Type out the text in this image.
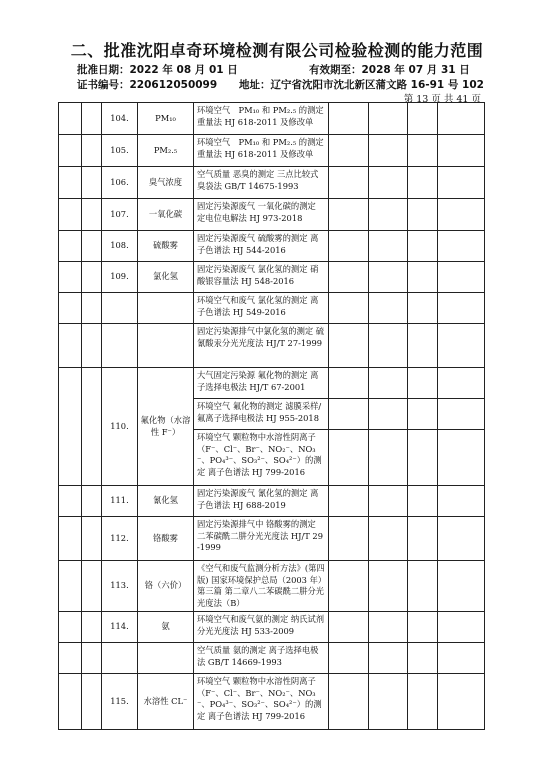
二、批准沈阳卓奇环境检测有限公司检验检测的能力范围
批准日期：2022 年 08 月 01 日	有效期至：2028 年 07 月 31 日
证书编号：220612050099 地址：辽宁省沈阳市沈北新区蒲文路 16-91 号 102
第 13 页 共 41 页
		104.	PM₁₀	环境空气　PM₁₀ 和 PM₂.₅ 的测定 重量法 HJ 618-2011 及修改单				
		105.	PM₂.₅	环境空气　PM₁₀ 和 PM₂.₅ 的测定 重量法 HJ 618-2011 及修改单				
		106.	臭气浓度	空气质量 恶臭的测定 三点比较式臭袋法 GB/T 14675-1993				
		107.	一氧化碳	固定污染源废气 一氧化碳的测定 定电位电解法 HJ 973-2018				
		108.	硫酸雾	固定污染源废气 硫酸雾的测定 离子色谱法 HJ 544-2016				
		109.	氯化氢	固定污染源废气 氯化氢的测定 硝酸银容量法 HJ 548-2016				
				环境空气和废气 氯化氢的测定 离子色谱法 HJ 549-2016				
				固定污染源排气中氯化氢的测定 硫氰酸汞分光光度法 HJ/T 27-1999				
		110.	氟化物（水溶性 F⁻）	大气固定污染源 氟化物的测定 离子选择电极法 HJ/T 67-2001				
				环境空气 氟化物的测定 滤膜采样/氟离子选择电极法 HJ 955-2018				
				环境空气 颗粒物中水溶性阴离子（F⁻、Cl⁻、Br⁻、NO₂⁻、NO₃⁻、PO₄³⁻、SO₃²⁻、SO₄²⁻）的测定 离子色谱法 HJ 799-2016				
		111.	氰化氢	固定污染源废气 氰化氢的测定 离子色谱法 HJ 688-2019				
		112.	铬酸雾	固定污染源排气中 铬酸雾的测定 二苯碳酰二肼分光光度法 HJ/T 29-1999				
		113.	铬（六价）	《空气和废气监测分析方法》(第四版) 国家环境保护总局（2003 年）第三篇 第二章八二苯碳酰二肼分光光度法（B）				
		114.	氨	环境空气和废气氨的测定 纳氏试剂分光光度法 HJ 533-2009				
				空气质量 氨的测定 离子选择电极法 GB/T 14669-1993				
		115.	水溶性 CL⁻	环境空气 颗粒物中水溶性阴离子（F⁻、Cl⁻、Br⁻、NO₂⁻、NO₃⁻、PO₄³⁻、SO₃²⁻、SO₄²⁻）的测定 离子色谱法 HJ 799-2016				
